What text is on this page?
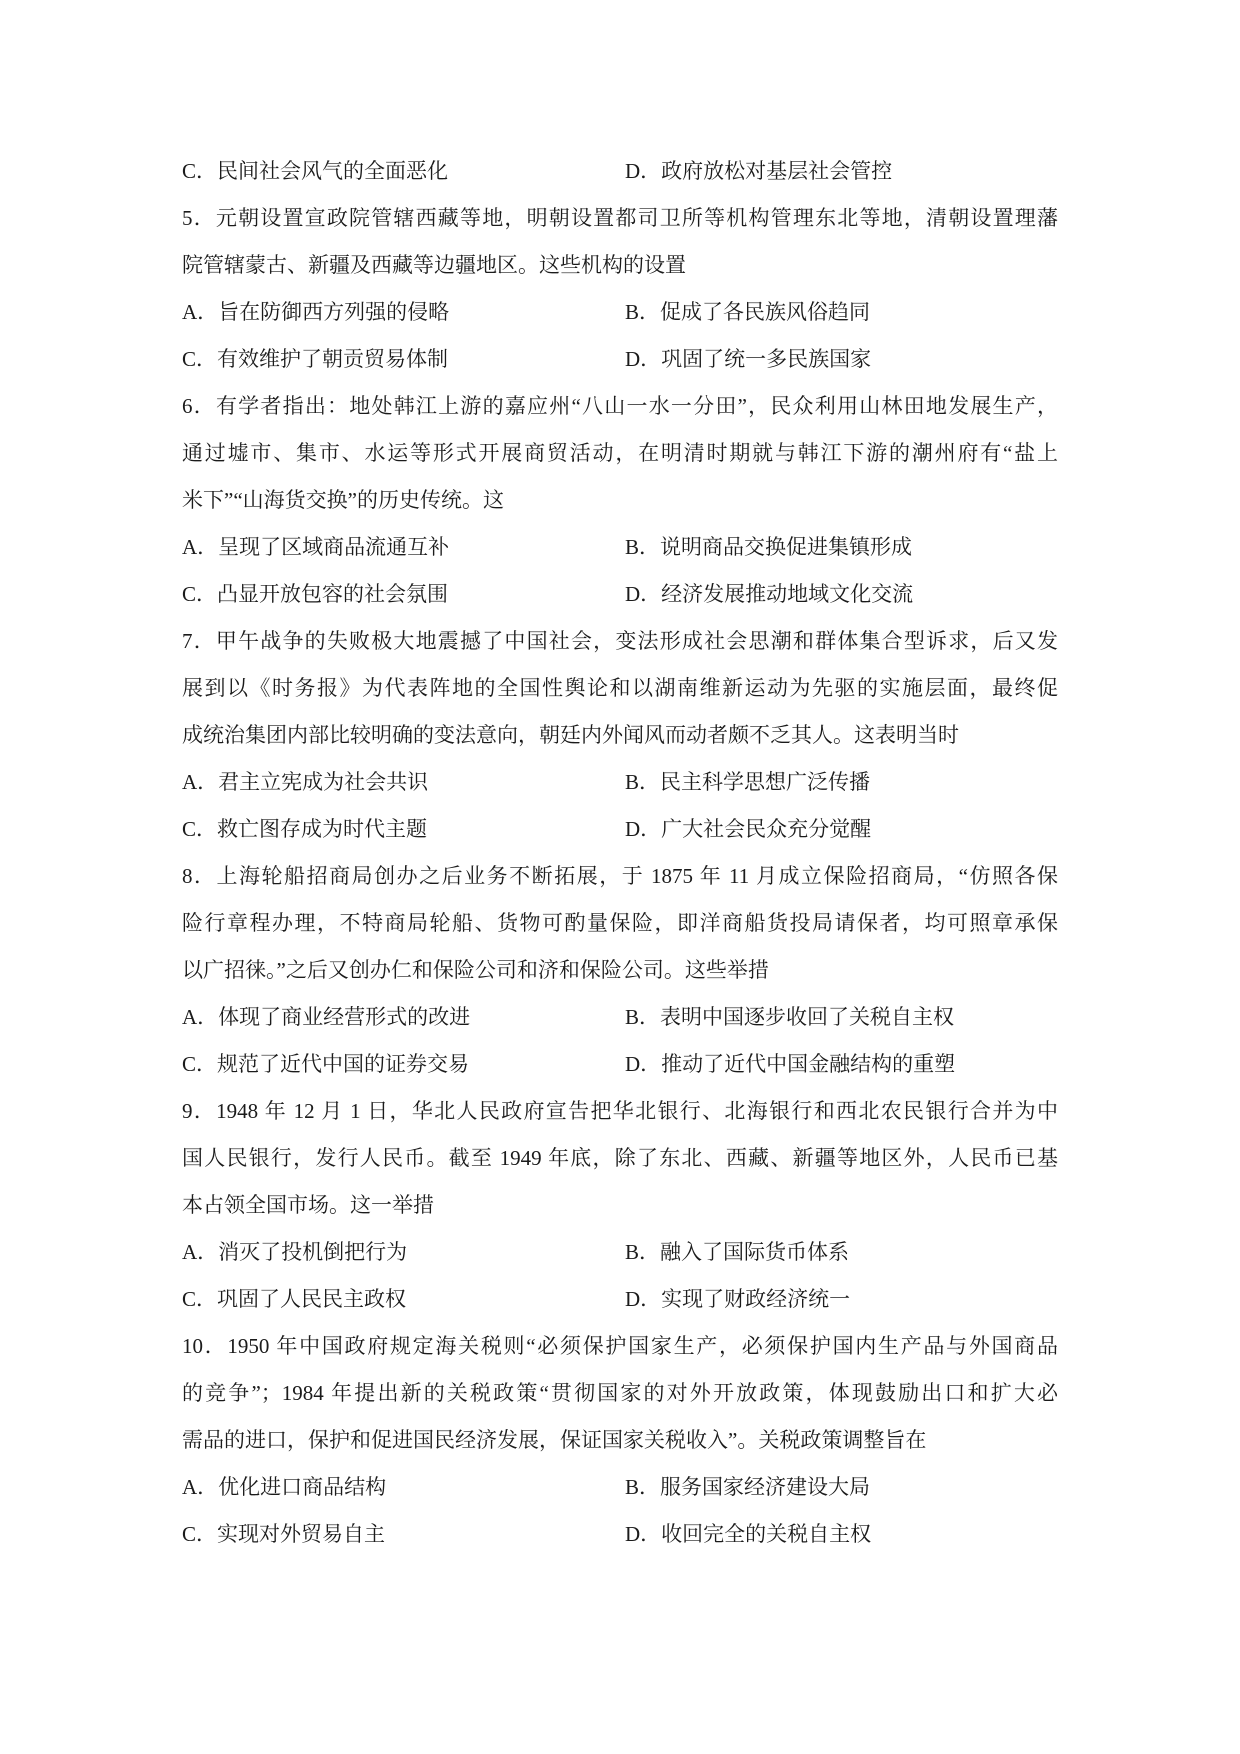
C．民间社会风气的全面恶化	D．政府放松对基层社会管控
5．元朝设置宣政院管辖西藏等地，明朝设置都司卫所等机构管理东北等地，清朝设置理藩
院管辖蒙古、新疆及西藏等边疆地区。这些机构的设置
A．旨在防御西方列强的侵略	B．促成了各民族风俗趋同
C．有效维护了朝贡贸易体制	D．巩固了统一多民族国家
6．有学者指出：地处韩江上游的嘉应州“八山一水一分田”，民众利用山林田地发展生产，
通过墟市、集市、水运等形式开展商贸活动，在明清时期就与韩江下游的潮州府有“盐上
米下”“山海货交换”的历史传统。这
A．呈现了区域商品流通互补	B．说明商品交换促进集镇形成
C．凸显开放包容的社会氛围	D．经济发展推动地域文化交流
7．甲午战争的失败极大地震撼了中国社会，变法形成社会思潮和群体集合型诉求，后又发
展到以《时务报》为代表阵地的全国性舆论和以湖南维新运动为先驱的实施层面，最终促
成统治集团内部比较明确的变法意向，朝廷内外闻风而动者颇不乏其人。这表明当时
A．君主立宪成为社会共识	B．民主科学思想广泛传播
C．救亡图存成为时代主题	D．广大社会民众充分觉醒
8．上海轮船招商局创办之后业务不断拓展，于 1875 年 11 月成立保险招商局，“仿照各保
险行章程办理，不特商局轮船、货物可酌量保险，即洋商船货投局请保者，均可照章承保
以广招徕。”之后又创办仁和保险公司和济和保险公司。这些举措
A．体现了商业经营形式的改进	B．表明中国逐步收回了关税自主权
C．规范了近代中国的证券交易	D．推动了近代中国金融结构的重塑
9．1948 年 12 月 1 日，华北人民政府宣告把华北银行、北海银行和西北农民银行合并为中
国人民银行，发行人民币。截至 1949 年底，除了东北、西藏、新疆等地区外，人民币已基
本占领全国市场。这一举措
A．消灭了投机倒把行为	B．融入了国际货币体系
C．巩固了人民民主政权	D．实现了财政经济统一
10．1950 年中国政府规定海关税则“必须保护国家生产，必须保护国内生产品与外国商品
的竞争”；1984 年提出新的关税政策“贯彻国家的对外开放政策，体现鼓励出口和扩大必
需品的进口，保护和促进国民经济发展，保证国家关税收入”。关税政策调整旨在
A．优化进口商品结构	B．服务国家经济建设大局
C．实现对外贸易自主	D．收回完全的关税自主权
